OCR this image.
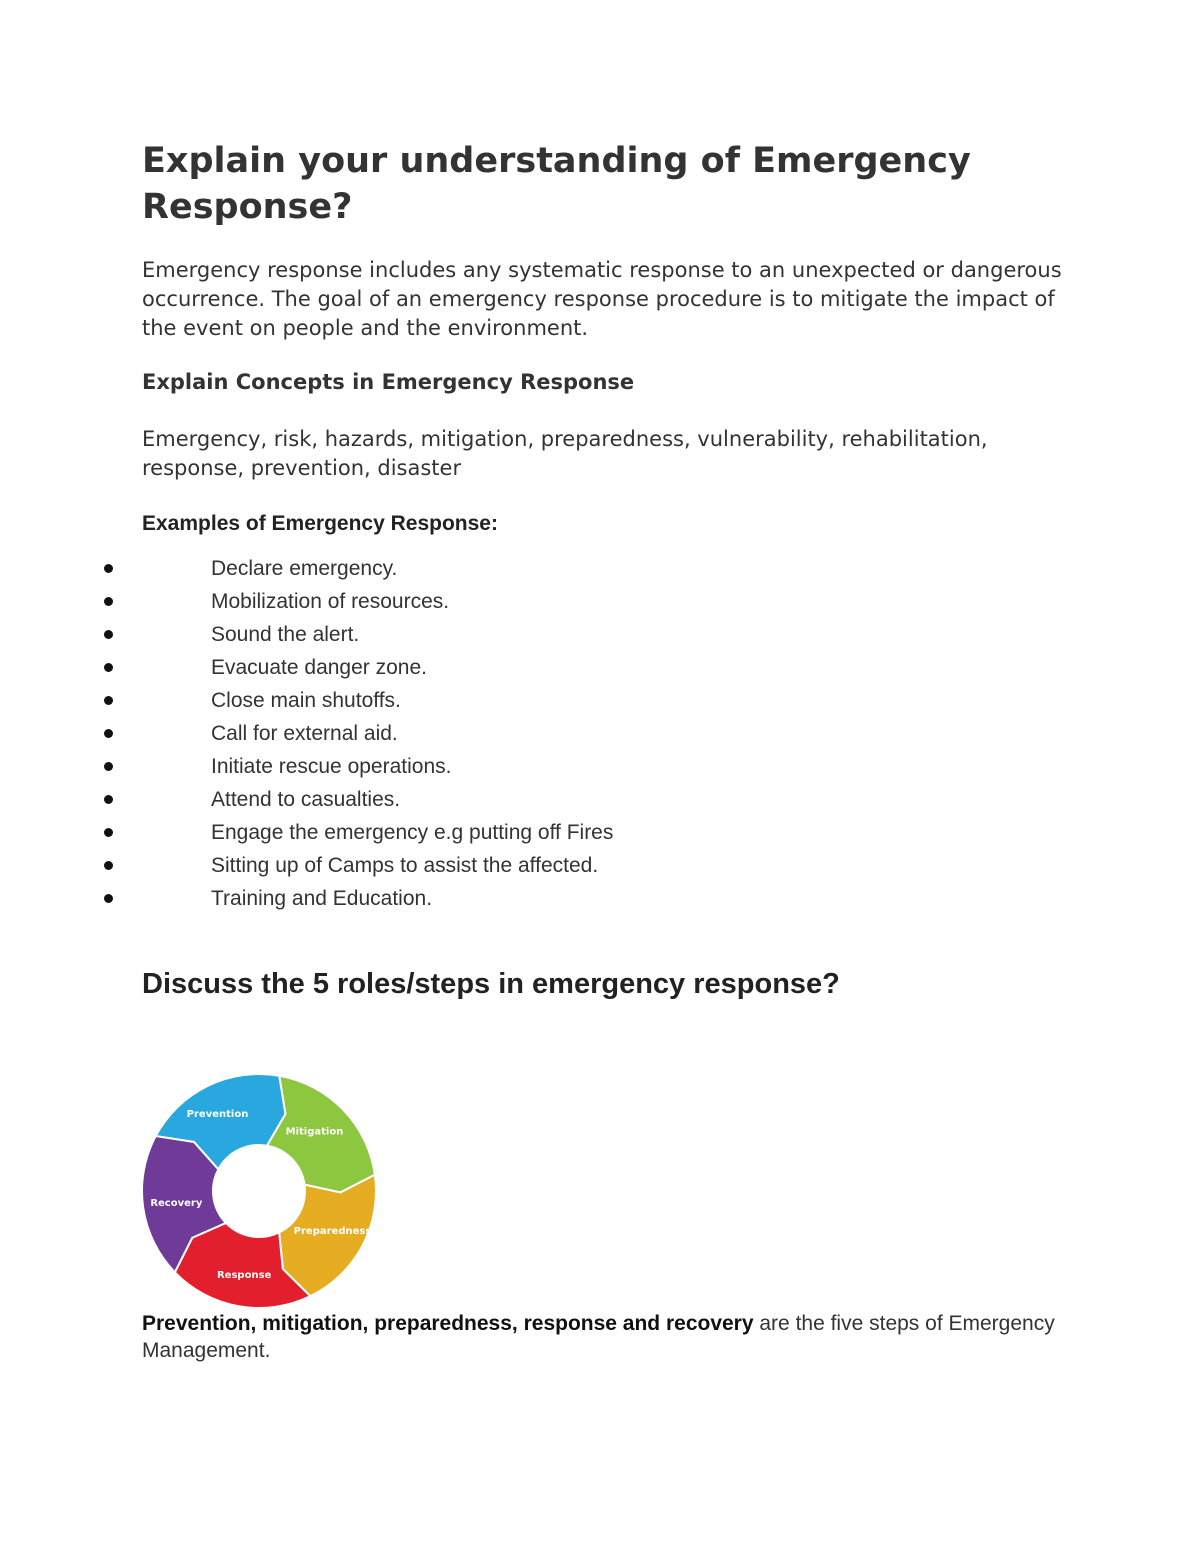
Explain your understanding of Emergency Response?

Emergency response includes any systematic response to an unexpected or dangerous occurrence. The goal of an emergency response procedure is to mitigate the impact of the event on people and the environment.

Explain Concepts in Emergency Response

Emergency, risk, hazards, mitigation, preparedness, vulnerability, rehabilitation, response, prevention, disaster

Examples of Emergency Response:

Declare emergency.
Mobilization of resources.
Sound the alert.
Evacuate danger zone.
Close main shutoffs.
Call for external aid.
Initiate rescue operations.
Attend to casualties.
Engage the emergency e.g putting off Fires
Sitting up of Camps to assist the affected.
Training and Education.
Discuss the 5 roles/steps in emergency response?
Prevention
Mitigation
Preparedness
Response
Recovery

Prevention, mitigation, preparedness, response and recovery are the five steps of Emergency Management.
